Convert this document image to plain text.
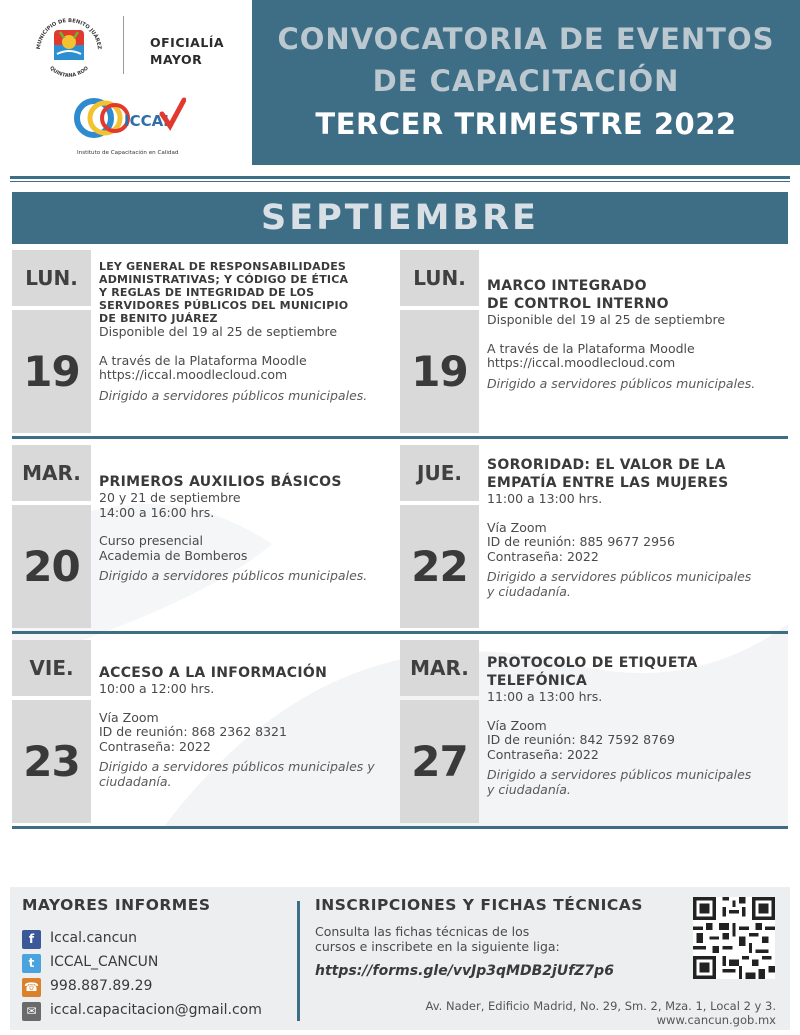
MUNICIPIO DE BENITO JUÁREZ
QUINTANA ROO
OFICIALÍA
MAYOR
ICCAL
Instituto de Capacitación en Calidad
CONVOCATORIA DE EVENTOS
DE CAPACITACIÓN
TERCER TRIMESTRE 2022
SEPTIEMBRE
LUN.
19
LEY GENERAL DE RESPONSABILIDADES
ADMINISTRATIVAS; Y CÓDIGO DE ÉTICA
Y REGLAS DE INTEGRIDAD DE LOS
SERVIDORES PÚBLICOS DEL MUNICIPIO
DE BENITO JUÁREZ
Disponible del 19 al 25 de septiembre
A través de la Plataforma Moodle
https://iccal.moodlecloud.com
Dirigido a servidores públicos municipales.
LUN.
19
MARCO INTEGRADO
DE CONTROL INTERNO
Disponible del 19 al 25 de septiembre
A través de la Plataforma Moodle
https://iccal.moodlecloud.com
Dirigido a servidores públicos municipales.
MAR.
20
PRIMEROS AUXILIOS BÁSICOS
20 y 21 de septiembre
14:00 a 16:00 hrs.
Curso presencial
Academia de Bomberos
Dirigido a servidores públicos municipales.
JUE.
22
SORORIDAD: EL VALOR DE LA
EMPATÍA ENTRE LAS MUJERES
11:00 a 13:00 hrs.
Vía Zoom
ID de reunión: 885 9677 2956
Contraseña: 2022
Dirigido a servidores públicos municipales
y ciudadanía.
VIE.
23
ACCESO A LA INFORMACIÓN
10:00 a 12:00 hrs.
Vía Zoom
ID de reunión: 868 2362 8321
Contraseña: 2022
Dirigido a servidores públicos municipales y
ciudadanía.
MAR.
27
PROTOCOLO DE ETIQUETA
TELEFÓNICA
11:00 a 13:00 hrs.
Vía Zoom
ID de reunión: 842 7592 8769
Contraseña: 2022
Dirigido a servidores públicos municipales
y ciudadanía.
MAYORES INFORMES
f	Iccal.cancun
t	ICCAL_CANCUN
☎ 998.887.89.29
✉ iccal.capacitacion@gmail.com
INSCRIPCIONES Y FICHAS TÉCNICAS
Consulta las fichas técnicas de los
cursos e inscribete en la siguiente liga:
https://forms.gle/vvJp3qMDB2jUfZ7p6
Av. Nader, Edificio Madrid, No. 29, Sm. 2, Mza. 1, Local 2 y 3.
www.cancun.gob.mx
